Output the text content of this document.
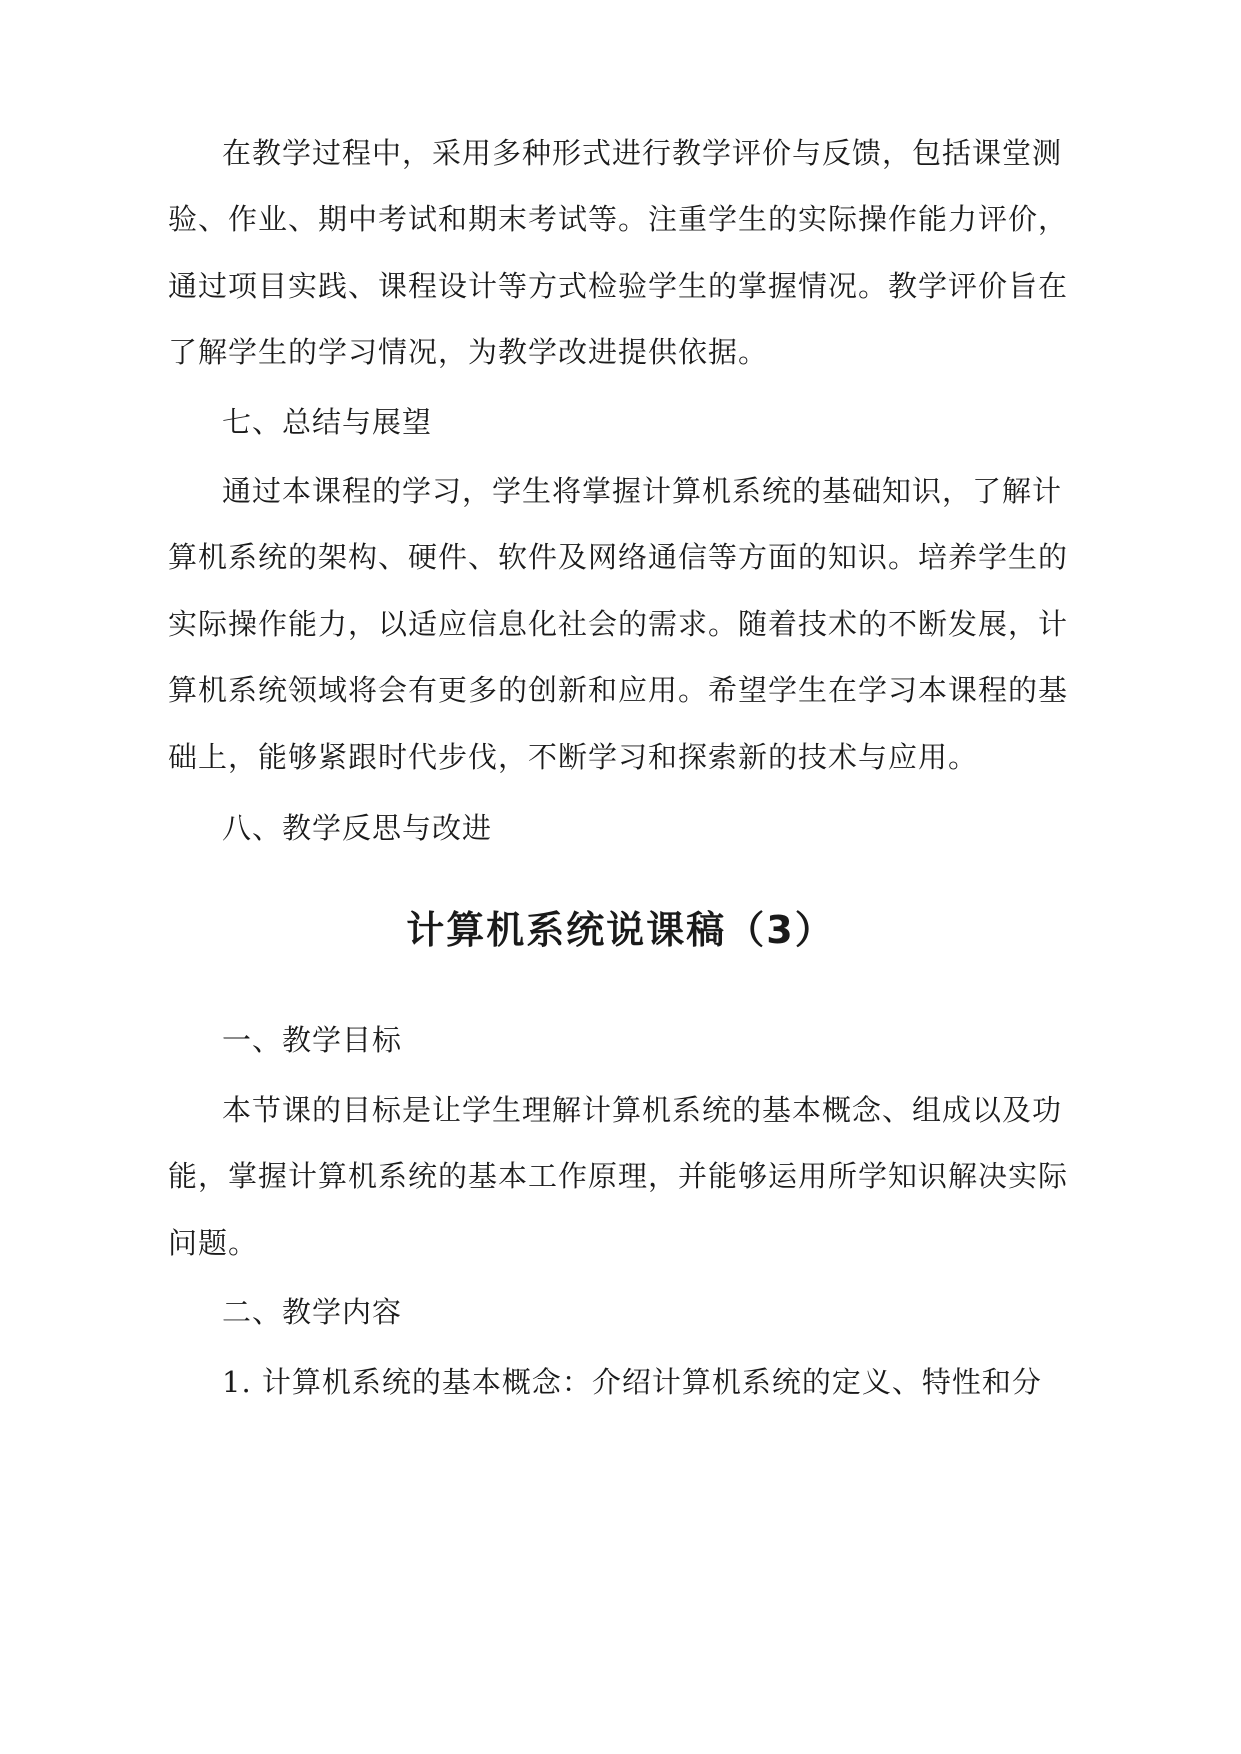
在教学过程中，采用多种形式进行教学评价与反馈，包括课堂测
验、作业、期中考试和期末考试等。注重学生的实际操作能力评价，
通过项目实践、课程设计等方式检验学生的掌握情况。教学评价旨在
了解学生的学习情况，为教学改进提供依据。
七、总结与展望
通过本课程的学习，学生将掌握计算机系统的基础知识，了解计
算机系统的架构、硬件、软件及网络通信等方面的知识。培养学生的
实际操作能力，以适应信息化社会的需求。随着技术的不断发展，计
算机系统领域将会有更多的创新和应用。希望学生在学习本课程的基
础上，能够紧跟时代步伐，不断学习和探索新的技术与应用。
八、教学反思与改进
计算机系统说课稿（3）
一、教学目标
本节课的目标是让学生理解计算机系统的基本概念、组成以及功
能，掌握计算机系统的基本工作原理，并能够运用所学知识解决实际
问题。
二、教学内容
1. 计算机系统的基本概念：介绍计算机系统的定义、特性和分
